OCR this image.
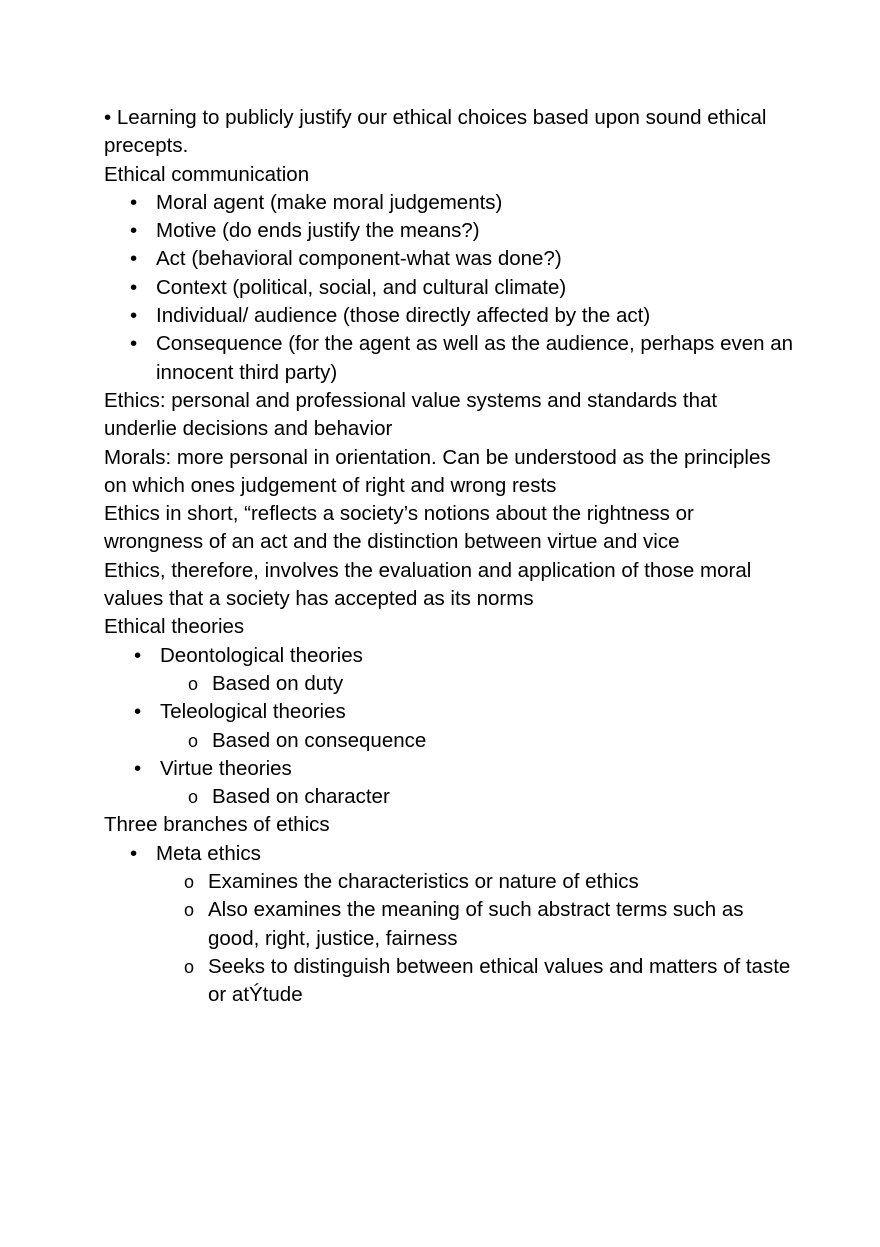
• Learning to publicly justify our ethical choices based upon sound ethical precepts.

Ethical communication

• Moral agent (make moral judgements)
• Motive (do ends justify the means?)
• Act (behavioral component-what was done?)
• Context (political, social, and cultural climate)
• Individual/ audience (those directly affected by the act)
• Consequence (for the agent as well as the audience, perhaps even an innocent third party)

Ethics: personal and professional value systems and standards that underlie decisions and behavior

Morals: more personal in orientation. Can be understood as the principles on which ones judgement of right and wrong rests

Ethics in short, “reflects a society’s notions about the rightness or wrongness of an act and the distinction between virtue and vice

Ethics, therefore, involves the evaluation and application of those moral values that a society has accepted as its norms

Ethical theories

• Deontological theories
o Based on duty
• Teleological theories
o Based on consequence
• Virtue theories
o Based on character

Three branches of ethics

• Meta ethics
o Examines the characteristics or nature of ethics
o Also examines the meaning of such abstract terms such as good, right, justice, fairness
o Seeks to distinguish between ethical values and matters of taste or atÝtude
